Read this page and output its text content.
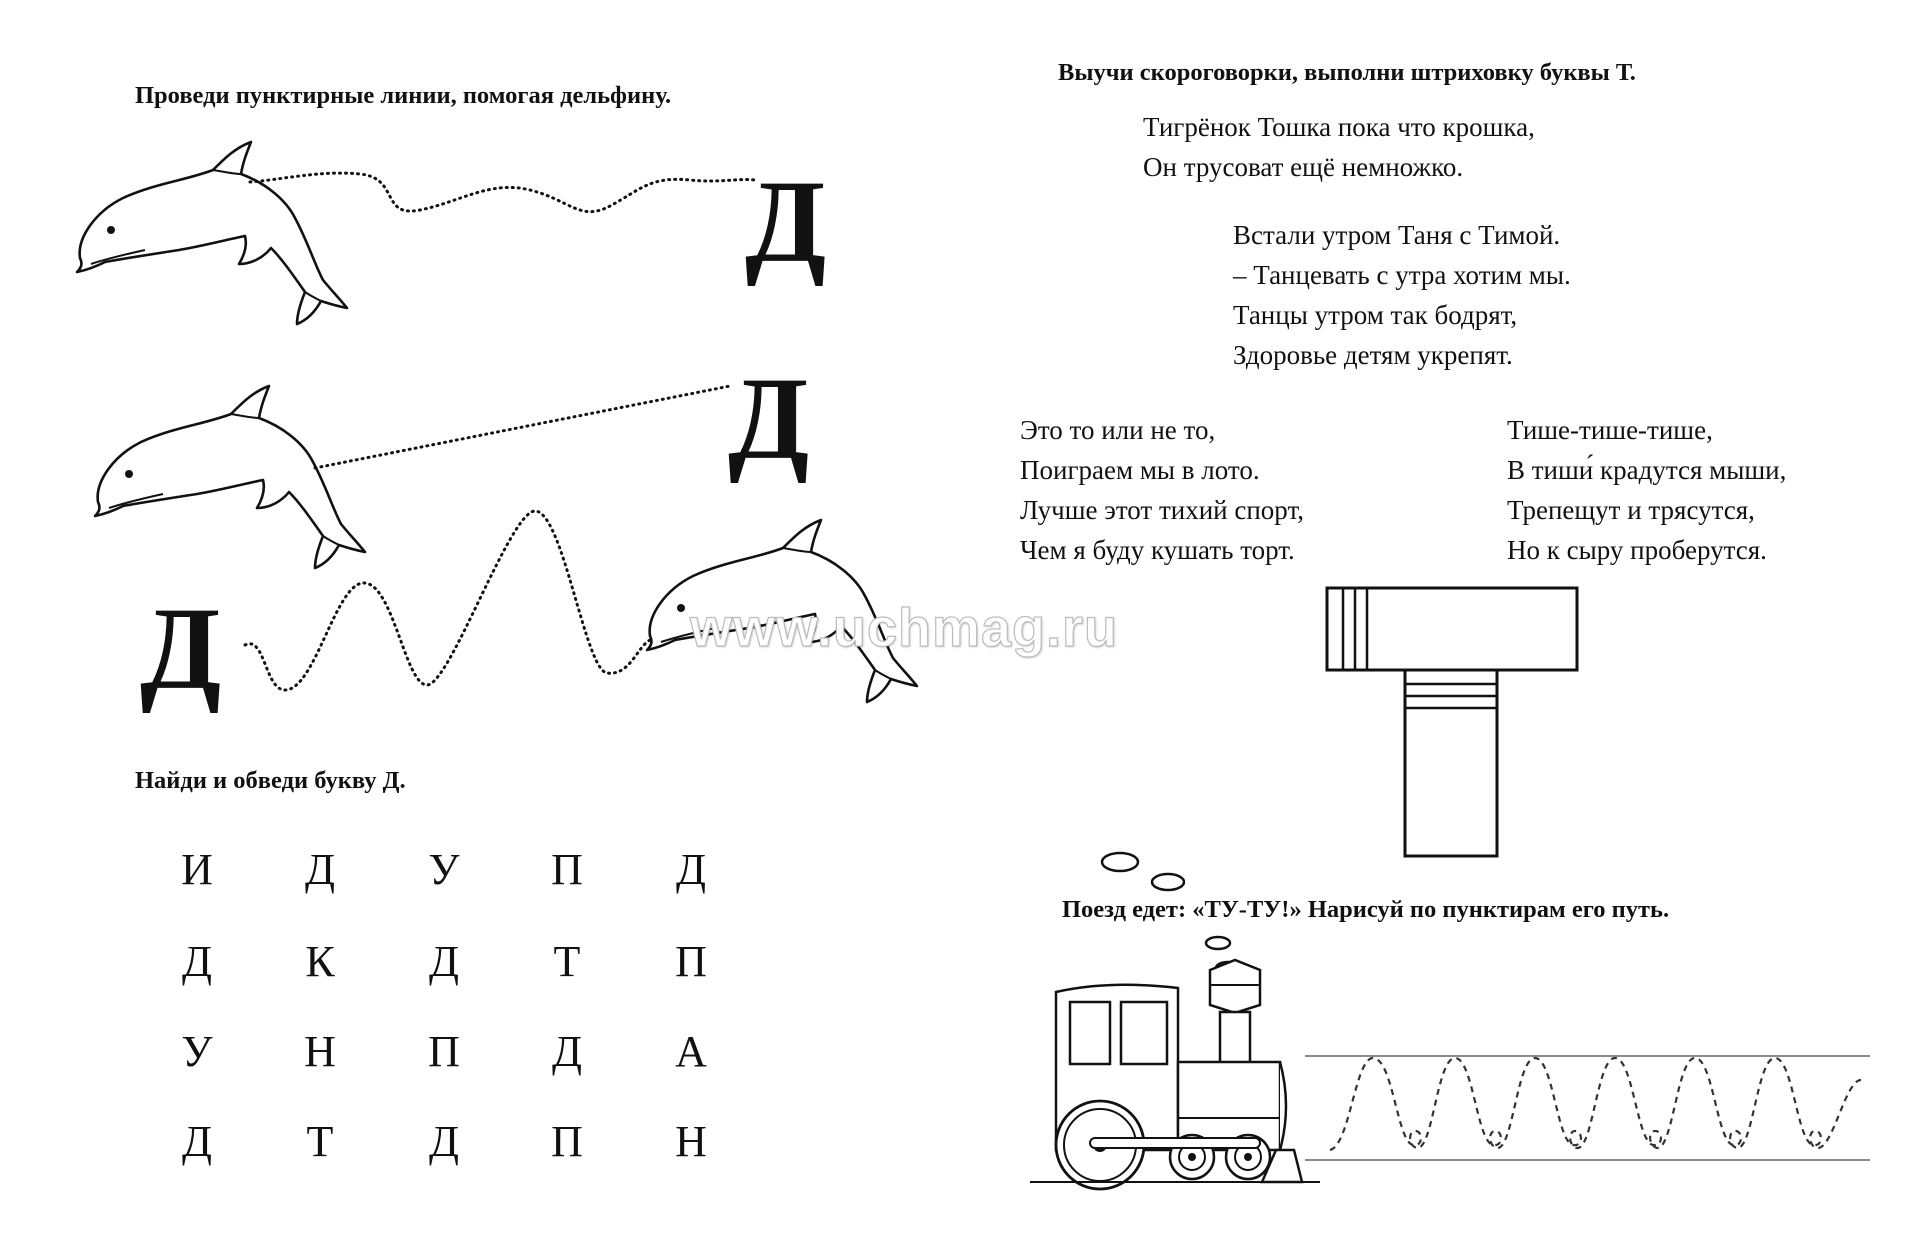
Проведи пунктирные линии, помогая дельфину.
Д
Д
Д
Найди и обведи букву Д.
И	Д	У	П	Д
Д	К	Д	Т	П
У	Н	П	Д	А
Д	Т	Д	П	Н
Выучи скороговорки, выполни штриховку буквы Т.
Тигрёнок Тошка пока что крошка,
Он трусоват ещё немножко.
Встали утром Таня с Тимой.
– Танцевать с утра хотим мы.
Танцы утром так бодрят,
Здоровье детям укрепят.
Это то или не то,
Поиграем мы в лото.
Лучше этот тихий спорт,
Чем я буду кушать торт.
Тише-тише-тише,
В тиши́ крадутся мыши,
Трепещут и трясутся,
Но к сыру проберутся.
Поезд едет: «ТУ-ТУ!» Нарисуй по пунктирам его путь.
www.uchmag.ru
